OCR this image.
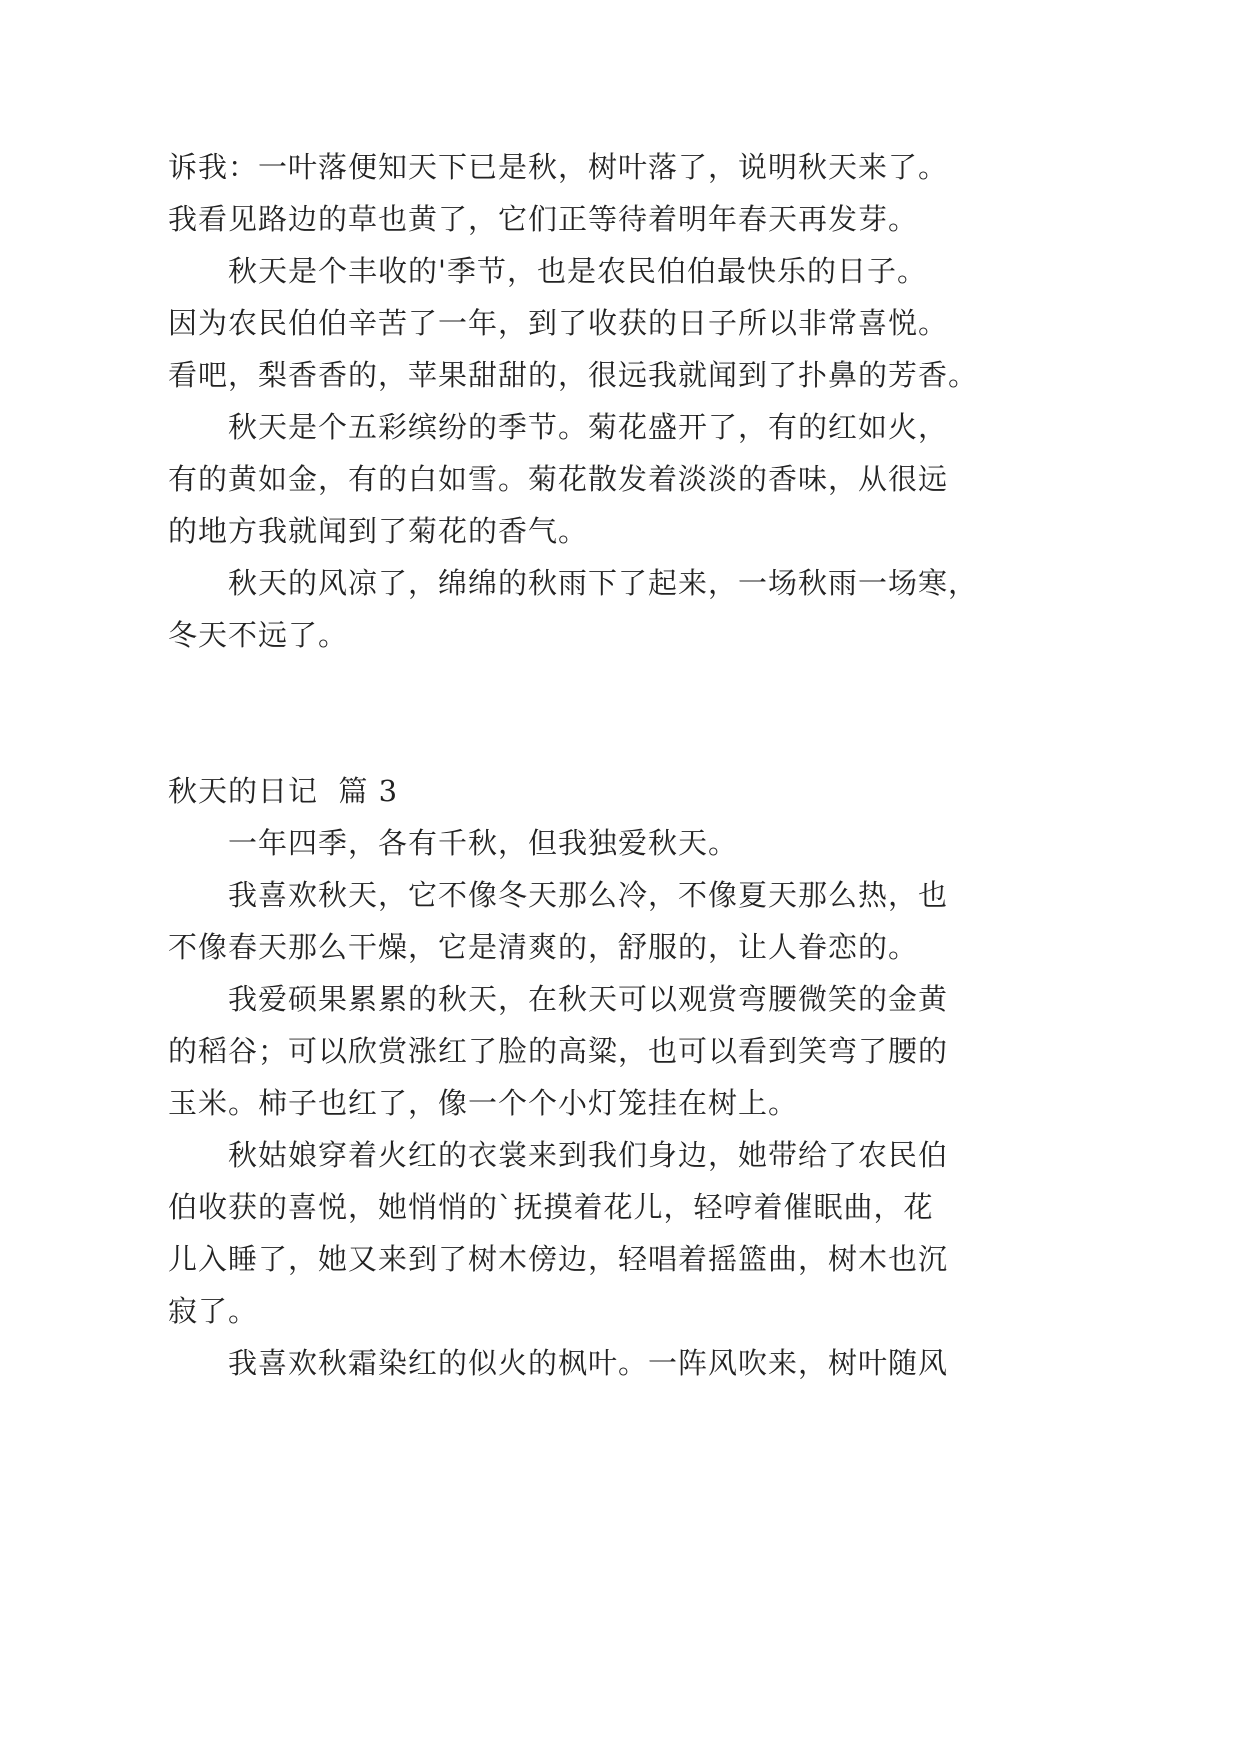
诉我：一叶落便知天下已是秋，树叶落了，说明秋天来了。
我看见路边的草也黄了，它们正等待着明年春天再发芽。
秋天是个丰收的'季节，也是农民伯伯最快乐的日子。
因为农民伯伯辛苦了一年，到了收获的日子所以非常喜悦。
看吧，梨香香的，苹果甜甜的，很远我就闻到了扑鼻的芳香。
秋天是个五彩缤纷的季节。菊花盛开了，有的红如火，
有的黄如金，有的白如雪。菊花散发着淡淡的香味，从很远
的地方我就闻到了菊花的香气。
秋天的风凉了，绵绵的秋雨下了起来，一场秋雨一场寒，
冬天不远了。
秋天的日记  篇 3
一年四季，各有千秋，但我独爱秋天。
我喜欢秋天，它不像冬天那么冷，不像夏天那么热，也
不像春天那么干燥，它是清爽的，舒服的，让人眷恋的。
我爱硕果累累的秋天，在秋天可以观赏弯腰微笑的金黄
的稻谷；可以欣赏涨红了脸的高粱，也可以看到笑弯了腰的
玉米。柿子也红了，像一个个小灯笼挂在树上。
秋姑娘穿着火红的衣裳来到我们身边，她带给了农民伯
伯收获的喜悦，她悄悄的`抚摸着花儿，轻哼着催眠曲，花
儿入睡了，她又来到了树木傍边，轻唱着摇篮曲，树木也沉
寂了。
我喜欢秋霜染红的似火的枫叶。一阵风吹来，树叶随风
